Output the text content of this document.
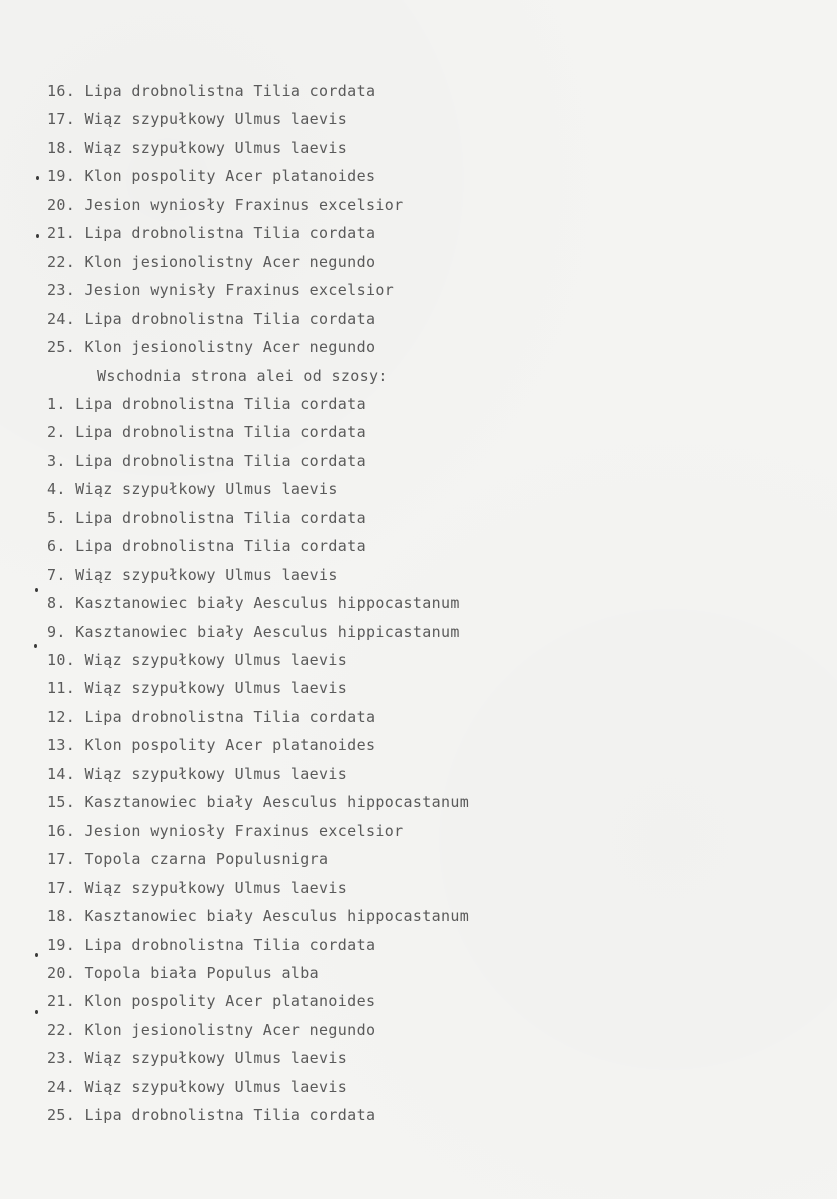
16. Lipa drobnolistna Tilia cordata
17. Wiąz szypułkowy Ulmus laevis
18. Wiąz szypułkowy Ulmus laevis
19. Klon pospolity Acer platanoides
20. Jesion wyniosły Fraxinus excelsior
21. Lipa drobnolistna Tilia cordata
22. Klon jesionolistny Acer negundo
23. Jesion wynisły Fraxinus excelsior
24. Lipa drobnolistna Tilia cordata
25. Klon jesionolistny Acer negundo
Wschodnia strona alei od szosy:
1. Lipa drobnolistna Tilia cordata
2. Lipa drobnolistna Tilia cordata
3. Lipa drobnolistna Tilia cordata
4. Wiąz szypułkowy Ulmus laevis
5. Lipa drobnolistna Tilia cordata
6. Lipa drobnolistna Tilia cordata
7. Wiąz szypułkowy Ulmus laevis
8. Kasztanowiec biały Aesculus hippocastanum
9. Kasztanowiec biały Aesculus hippicastanum
10. Wiąz szypułkowy Ulmus laevis
11. Wiąz szypułkowy Ulmus laevis
12. Lipa drobnolistna Tilia cordata
13. Klon pospolity Acer platanoides
14. Wiąz szypułkowy Ulmus laevis
15. Kasztanowiec biały Aesculus hippocastanum
16. Jesion wyniosły Fraxinus excelsior
17. Topola czarna Populusnigra
17. Wiąz szypułkowy Ulmus laevis
18. Kasztanowiec biały Aesculus hippocastanum
19. Lipa drobnolistna Tilia cordata
20. Topola biała Populus alba
21. Klon pospolity Acer platanoides
22. Klon jesionolistny Acer negundo
23. Wiąz szypułkowy Ulmus laevis
24. Wiąz szypułkowy Ulmus laevis
25. Lipa drobnolistna Tilia cordata
